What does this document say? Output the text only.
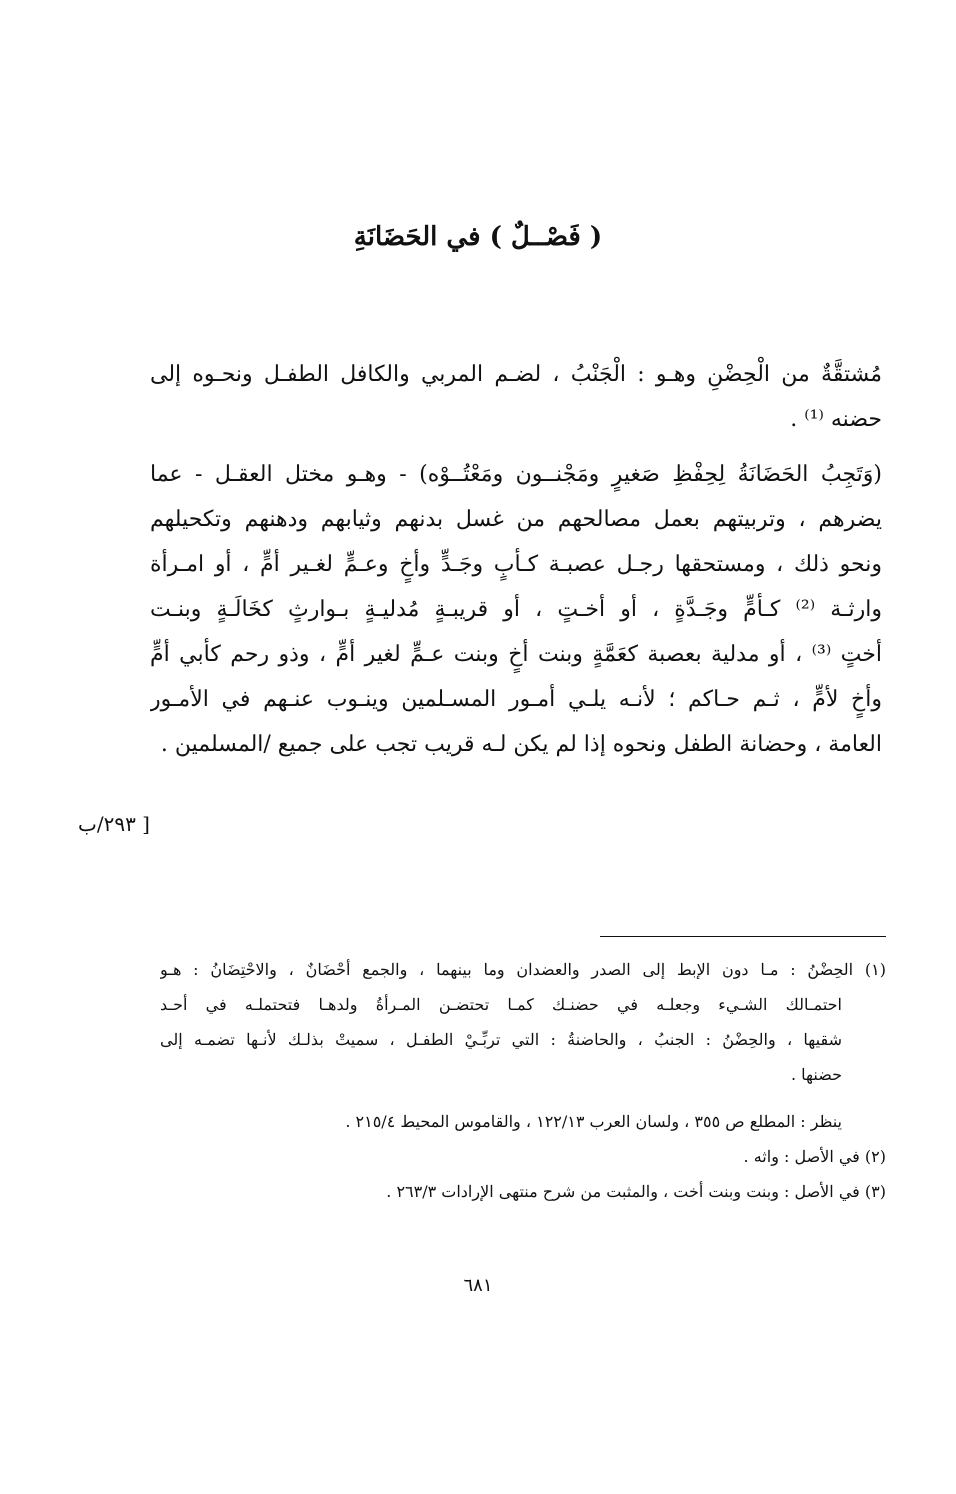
( فَصْــلٌ ) في الحَضَانَةِ
مُشتقَّةٌ من الْحِضْنِ وهـو : الْجَنْبُ ، لضـم المربي والكافل الطفـل ونحـوه إلى
حضنه ⁽¹⁾ .
(وَتَجِبُ الحَضَانَةُ لِحِفْظِ صَغيرٍ ومَجْنــون ومَعْتُــوْه) - وهـو مختل العقـل - عما
يضرهم ، وتربيتهم بعمل مصالحهم من غسل بدنهم وثيابهم ودهنهم وتكحيلهم
ونحو ذلك ، ومستحقها رجـل عصبـة كـأبٍ وجَـدٍّ وأخٍ وعـمٍّ لغـير أمٍّ ، أو امـرأة
وارثـة ⁽²⁾ كـأمٍّ وجَـدَّةٍ ، أو أخـتٍ ، أو قريبـةٍ مُدليـةٍ بـوارثٍ كخَالَـةٍ وبنـت
أختٍ ⁽³⁾ ، أو مدلية بعصبة كعَمَّةٍ وبنت أخٍ وبنت عـمٍّ لغير أمٍّ ، وذو رحم كأبي أمٍّ
وأخٍ لأمٍّ ، ثـم حـاكم ؛ لأنـه يلـي أمـور المسـلمين وينـوب عنـهم في الأمـور
العامة ، وحضانة الطفل ونحوه إذا لم يكن لـه قريب تجب على جميع /المسلمين .
[ ٢٩٣/ب
(١) الحِضْنُ : مـا دون الإبط إلى الصدر والعضدان وما بينهما ، والجمع أحْضَانٌ ، والاحْتِضَانُ : هـو
احتمـالك الشـيء وجعلـه في حضنـك كمـا تحتضـن المـرأةُ ولدهـا فتحتملـه في أحـد
شقيها ، والحِضْنُ : الجنبُ ، والحاضنةُ : التي تربِّـيْ الطفـل ، سميتْ بذلـك لأنـها تضمـه إلى
حضنها .
ينظر : المطلع ص ٣٥٥ ، ولسان العرب ١٢٢/١٣ ، والقاموس المحيط ٢١٥/٤ .
(٢) في الأصل : واثه .
(٣) في الأصل : وبنت وبنت أخت ، والمثبت من شرح منتهى الإرادات ٢٦٣/٣ .
٦٨١
